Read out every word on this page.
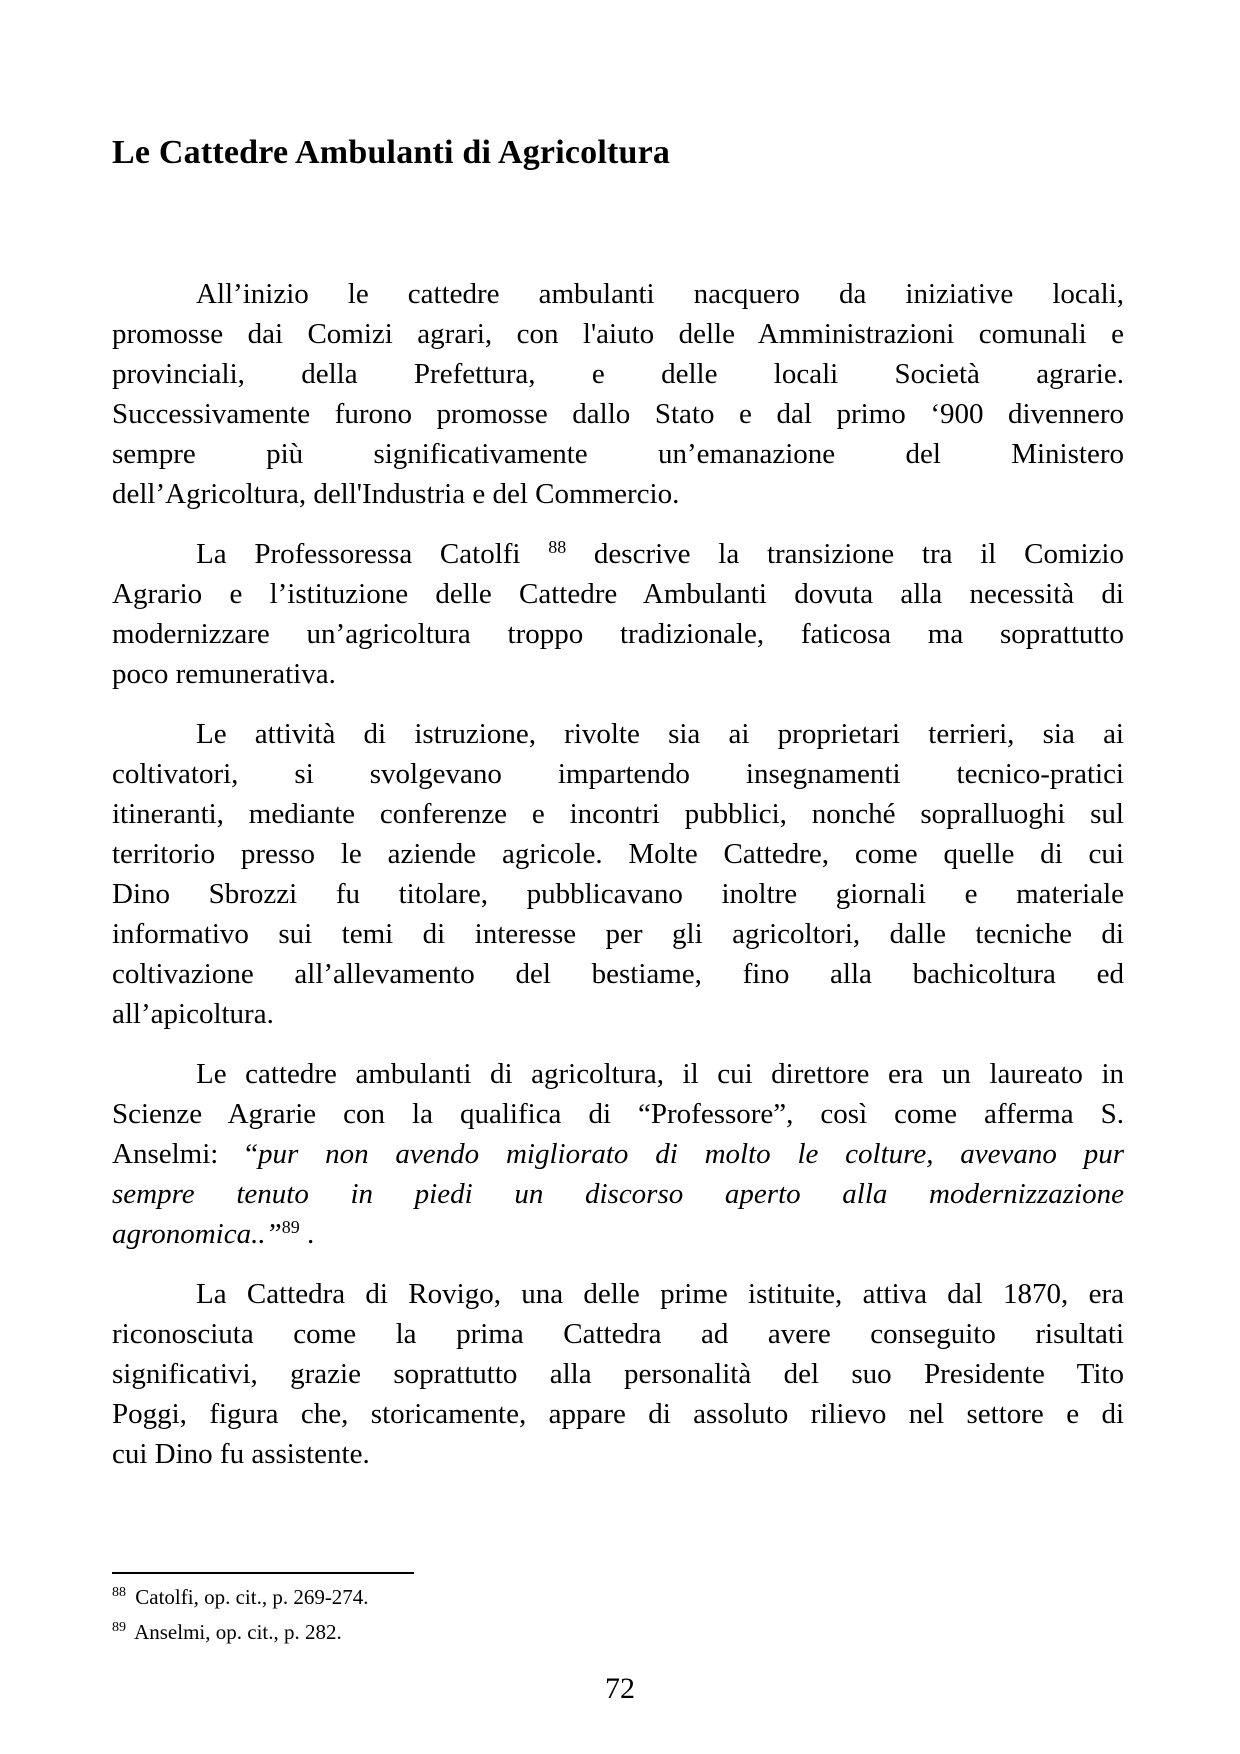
Le Cattedre Ambulanti di Agricoltura
All’inizio le cattedre ambulanti nacquero da iniziative locali,
promosse dai Comizi agrari, con l'aiuto delle Amministrazioni comunali e
provinciali, della Prefettura, e delle locali Società agrarie.
Successivamente furono promosse dallo Stato e dal primo ‘900 divennero
sempre più significativamente un’emanazione del Ministero
dell’Agricoltura, dell'Industria e del Commercio.
La Professoressa Catolfi $^{88}$ descrive la transizione tra il Comizio
Agrario e l’istituzione delle Cattedre Ambulanti dovuta alla necessità di
modernizzare un’agricoltura troppo tradizionale, faticosa ma soprattutto
poco remunerativa.
Le attività di istruzione, rivolte sia ai proprietari terrieri, sia ai
coltivatori, si svolgevano impartendo insegnamenti tecnico-pratici
itineranti, mediante conferenze e incontri pubblici, nonché sopralluoghi sul
territorio presso le aziende agricole. Molte Cattedre, come quelle di cui
Dino Sbrozzi fu titolare, pubblicavano inoltre giornali e materiale
informativo sui temi di interesse per gli agricoltori, dalle tecniche di
coltivazione all’allevamento del bestiame, fino alla bachicoltura ed
all’apicoltura.
Le cattedre ambulanti di agricoltura, il cui direttore era un laureato in
Scienze Agrarie con la qualifica di “Professore”, così come afferma S.
Anselmi: “pur non avendo migliorato di molto le colture, avevano pur
sempre tenuto in piedi un discorso aperto alla modernizzazione
agronomica..”$^{89}$ .
La Cattedra di Rovigo, una delle prime istituite, attiva dal 1870, era
riconosciuta come la prima Cattedra ad avere conseguito risultati
significativi, grazie soprattutto alla personalità del suo Presidente Tito
Poggi, figura che, storicamente, appare di assoluto rilievo nel settore e di
cui Dino fu assistente.
$^{88}$ Catolfi, op. cit., p. 269-274.
$^{89}$ Anselmi, op. cit., p. 282.
72
